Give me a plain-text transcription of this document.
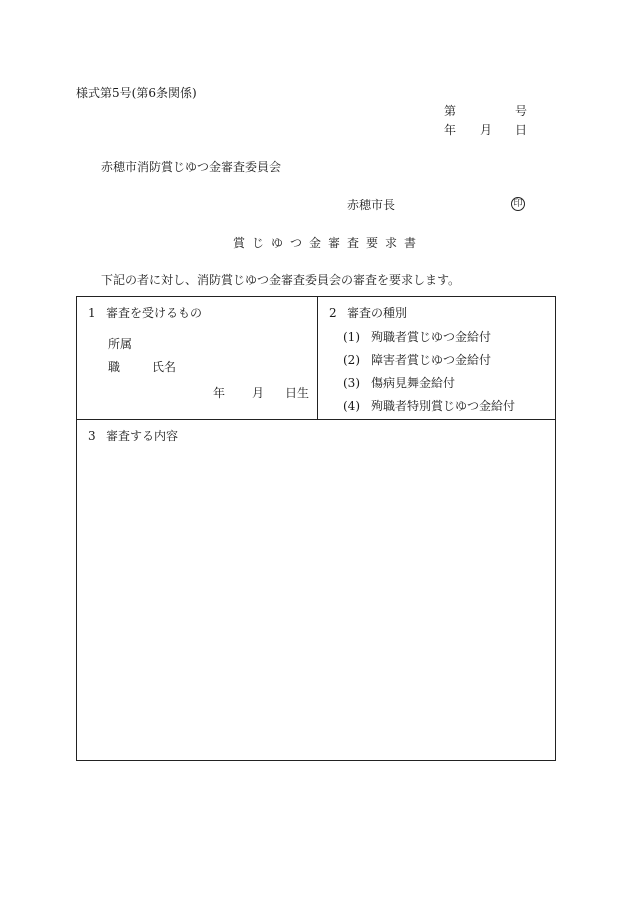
様式第5号(第6条関係)
第	号
年 月 日
赤穂市消防賞じゆつ金審査委員会
赤穂市長	印
賞じゆつ金審査要求書
下記の者に対し、消防賞じゆつ金審査委員会の審査を要求します。
1 審査を受けるもの
所属
職	氏名
年 月 日生
2 審査の種別
(1) 殉職者賞じゆつ金給付
(2) 障害者賞じゆつ金給付
(3) 傷病見舞金給付
(4) 殉職者特別賞じゆつ金給付
3 審査する内容
